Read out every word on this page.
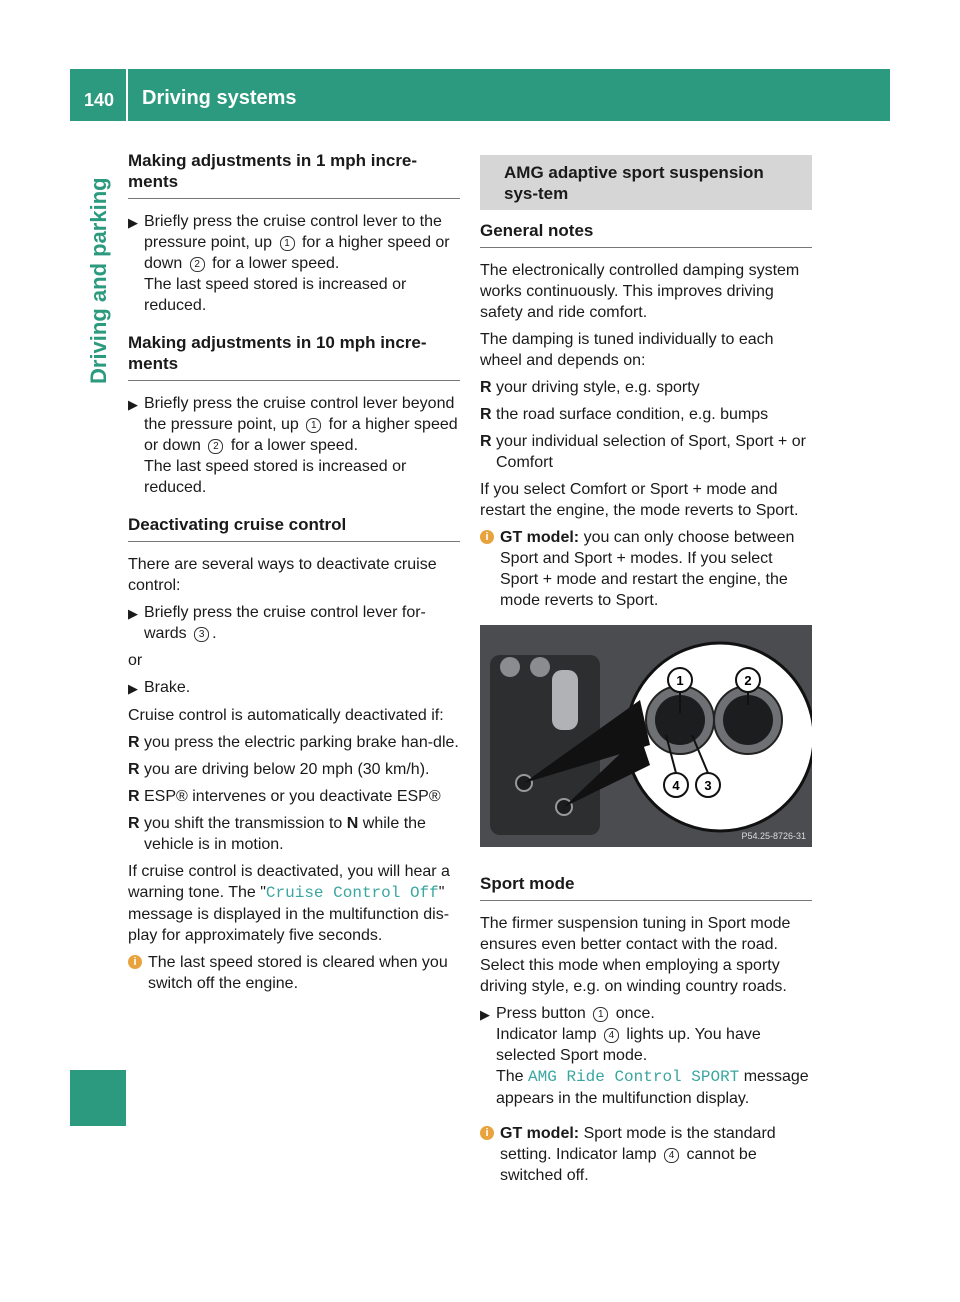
140 Driving systems
Driving and parking
Making adjustments in 1 mph incre-ments
▶ Briefly press the cruise control lever to the pressure point, up 1 for a higher speed or down 2 for a lower speed.
The last speed stored is increased or reduced.
Making adjustments in 10 mph incre-ments
▶ Briefly press the cruise control lever beyond the pressure point, up 1 for a higher speed or down 2 for a lower speed.
The last speed stored is increased or reduced.
Deactivating cruise control

There are several ways to deactivate cruise control:

▶ Briefly press the cruise control lever for-wards 3 .

or

▶ Brake.

Cruise control is automatically deactivated if:

R you press the electric parking brake han-dle.
R you are driving below 20 mph (30 km/h).
R ESP® intervenes or you deactivate ESP®
R you shift the transmission to N while the vehicle is in motion.

If cruise control is deactivated, you will hear a warning tone. The "Cruise Control Off" message is displayed in the multifunction dis-play for approximately five seconds.

i The last speed stored is cleared when you switch off the engine.
AMG adaptive sport suspension sys-tem
General notes

The electronically controlled damping system works continuously. This improves driving safety and ride comfort.

The damping is tuned individually to each wheel and depends on:

R your driving style, e.g. sporty
R the road surface condition, e.g. bumps
R your individual selection of Sport, Sport + or Comfort

If you select Comfort or Sport + mode and restart the engine, the mode reverts to Sport.

i GT model: you can only choose between Sport and Sport + modes. If you select Sport + mode and restart the engine, the mode reverts to Sport.
1	2
4 3
P54.25-8726-31
Sport mode

The firmer suspension tuning in Sport mode ensures even better contact with the road. Select this mode when employing a sporty driving style, e.g. on winding country roads.

▶ Press button 1 once.
Indicator lamp 4 lights up. You have selected Sport mode.
The AMG Ride Control SPORT message appears in the multifunction display.
i GT model: Sport mode is the standard setting. Indicator lamp 4 cannot be switched off.
